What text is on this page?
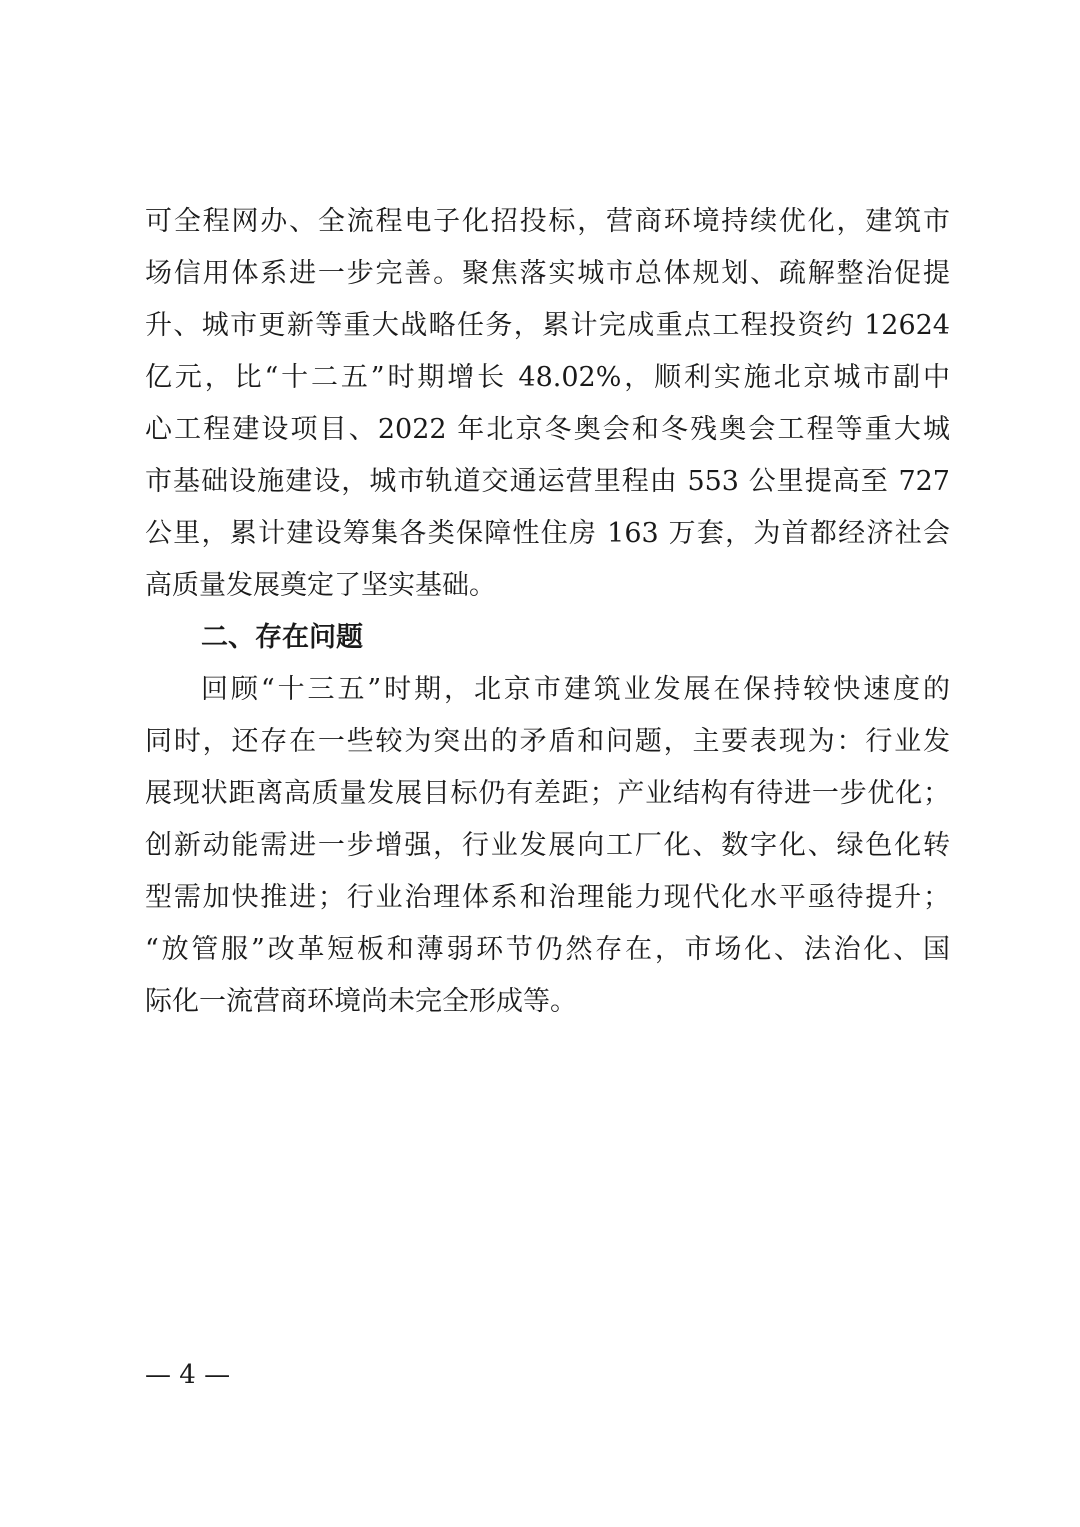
可全程网办、全流程电子化招投标，营商环境持续优化，建筑市
场信用体系进一步完善。聚焦落实城市总体规划、疏解整治促提
升、城市更新等重大战略任务，累计完成重点工程投资约 12624
亿元，比“十二五”时期增长 48.02%，顺利实施北京城市副中
心工程建设项目、2022 年北京冬奥会和冬残奥会工程等重大城
市基础设施建设，城市轨道交通运营里程由 553 公里提高至 727
公里，累计建设筹集各类保障性住房 163 万套，为首都经济社会
高质量发展奠定了坚实基础。
二、存在问题
回顾“十三五”时期，北京市建筑业发展在保持较快速度的
同时，还存在一些较为突出的矛盾和问题，主要表现为：行业发
展现状距离高质量发展目标仍有差距；产业结构有待进一步优化；
创新动能需进一步增强，行业发展向工厂化、数字化、绿色化转
型需加快推进；行业治理体系和治理能力现代化水平亟待提升；
“放管服”改革短板和薄弱环节仍然存在，市场化、法治化、国
际化一流营商环境尚未完全形成等。
— 4 —
